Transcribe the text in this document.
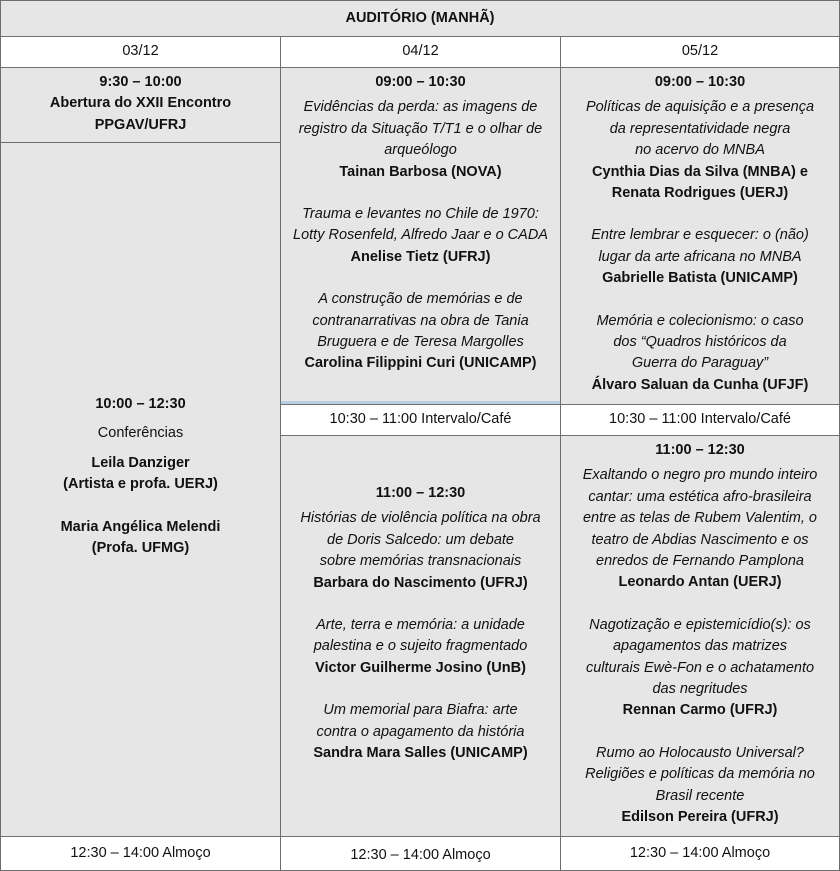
AUDITÓRIO (MANHÃ)
03/12	04/12	05/12
9:30 – 10:00
Abertura do XXII Encontro
PPGAV/UFRJ
10:00 – 12:30
Conferências
Leila Danziger
(Artista e profa. UERJ)
Maria Angélica Melendi
(Profa. UFMG)
12:30 – 14:00 Almoço
09:00 – 10:30
Evidências da perda: as imagens de
registro da Situação T/T1 e o olhar de
arqueólogo
Tainan Barbosa (NOVA)
Trauma e levantes no Chile de 1970:
Lotty Rosenfeld, Alfredo Jaar e o CADA
Anelise Tietz (UFRJ)
A construção de memórias e de
contranarrativas na obra de Tania
Bruguera e de Teresa Margolles
Carolina Filippini Curi (UNICAMP)
10:30 – 11:00 Intervalo/Café
11:00 – 12:30
Histórias de violência política na obra
de Doris Salcedo: um debate
sobre memórias transnacionais
Barbara do Nascimento (UFRJ)
Arte, terra e memória: a unidade
palestina e o sujeito fragmentado
Victor Guilherme Josino (UnB)
Um memorial para Biafra: arte
contra o apagamento da história
Sandra Mara Salles (UNICAMP)
12:30 – 14:00 Almoço
09:00 – 10:30
Políticas de aquisição e a presença
da representatividade negra
no acervo do MNBA
Cynthia Dias da Silva (MNBA) e
Renata Rodrigues (UERJ)
Entre lembrar e esquecer: o (não)
lugar da arte africana no MNBA
Gabrielle Batista (UNICAMP)
Memória e colecionismo: o caso
dos “Quadros históricos da
Guerra do Paraguay”
Álvaro Saluan da Cunha (UFJF)
10:30 – 11:00 Intervalo/Café
11:00 – 12:30
Exaltando o negro pro mundo inteiro
cantar: uma estética afro-brasileira
entre as telas de Rubem Valentim, o
teatro de Abdias Nascimento e os
enredos de Fernando Pamplona
Leonardo Antan (UERJ)
Nagotização e epistemicídio(s): os
apagamentos das matrizes
culturais Ewè-Fon e o achatamento
das negritudes
Rennan Carmo (UFRJ)
Rumo ao Holocausto Universal?
Religiões e políticas da memória no
Brasil recente
Edilson Pereira (UFRJ)
12:30 – 14:00 Almoço
